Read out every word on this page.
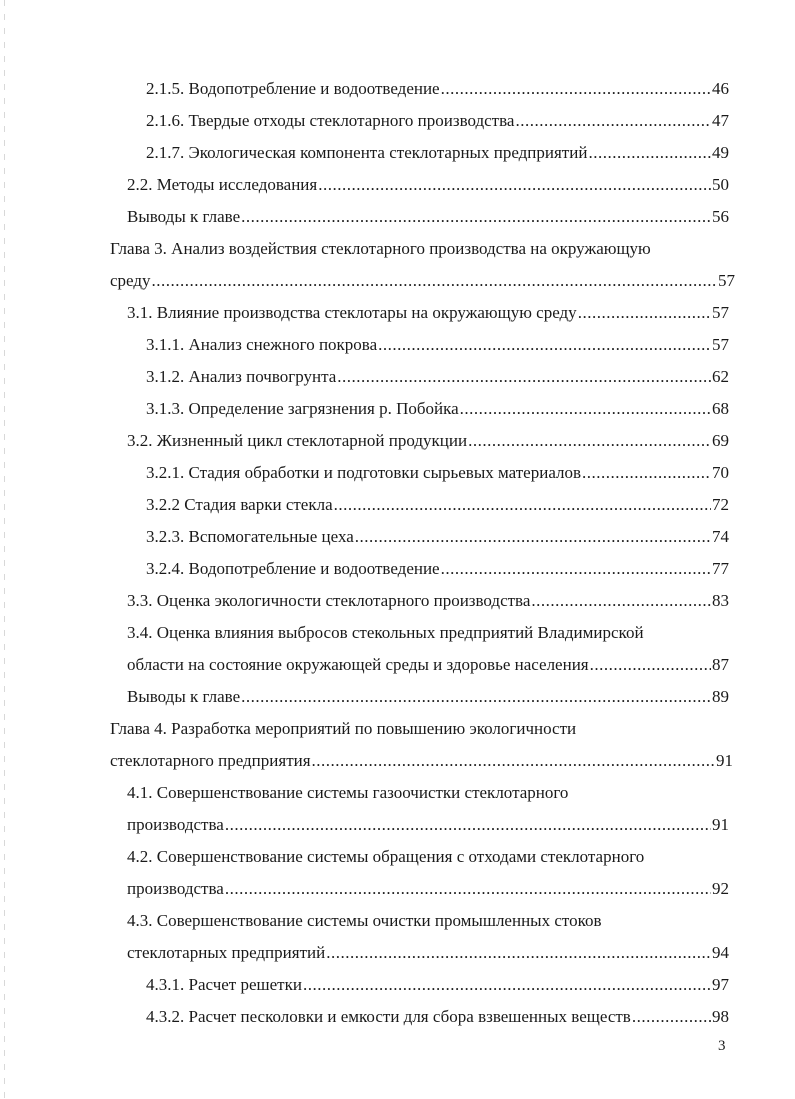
2.1.5. Водопотребление и водоотведение .....	46
2.1.6. Твердые отходы стеклотарного производства .....	47
2.1.7. Экологическая компонента стеклотарных предприятий .....	49
2.2. Методы исследования .....	50
Выводы к главе .....	56
Глава 3. Анализ воздействия стеклотарного производства на окружающую
среду .....	57
3.1. Влияние производства стеклотары на окружающую среду .....	57
3.1.1. Анализ снежного покрова .....	57
3.1.2. Анализ почвогрунта .....	62
3.1.3. Определение загрязнения р. Побойка .....	68
3.2. Жизненный цикл стеклотарной продукции .....	69
3.2.1. Стадия обработки и подготовки сырьевых материалов .....	70
3.2.2 Стадия варки стекла .....	72
3.2.3. Вспомогательные цеха .....	74
3.2.4. Водопотребление и водоотведение .....	77
3.3. Оценка экологичности стеклотарного производства .....	83
3.4. Оценка влияния выбросов стекольных предприятий Владимирской
области на состояние окружающей среды и здоровье населения .....	87
Выводы к главе .....	89
Глава 4. Разработка мероприятий по повышению экологичности
стеклотарного предприятия .....	91
4.1. Совершенствование системы газоочистки стеклотарного
производства .....	91
4.2. Совершенствование системы обращения с отходами стеклотарного
производства .....	92
4.3. Совершенствование системы очистки промышленных стоков
стеклотарных предприятий .....	94
4.3.1. Расчет решетки .....	97
4.3.2. Расчет песколовки и емкости для сбора взвешенных веществ .....	98
3
